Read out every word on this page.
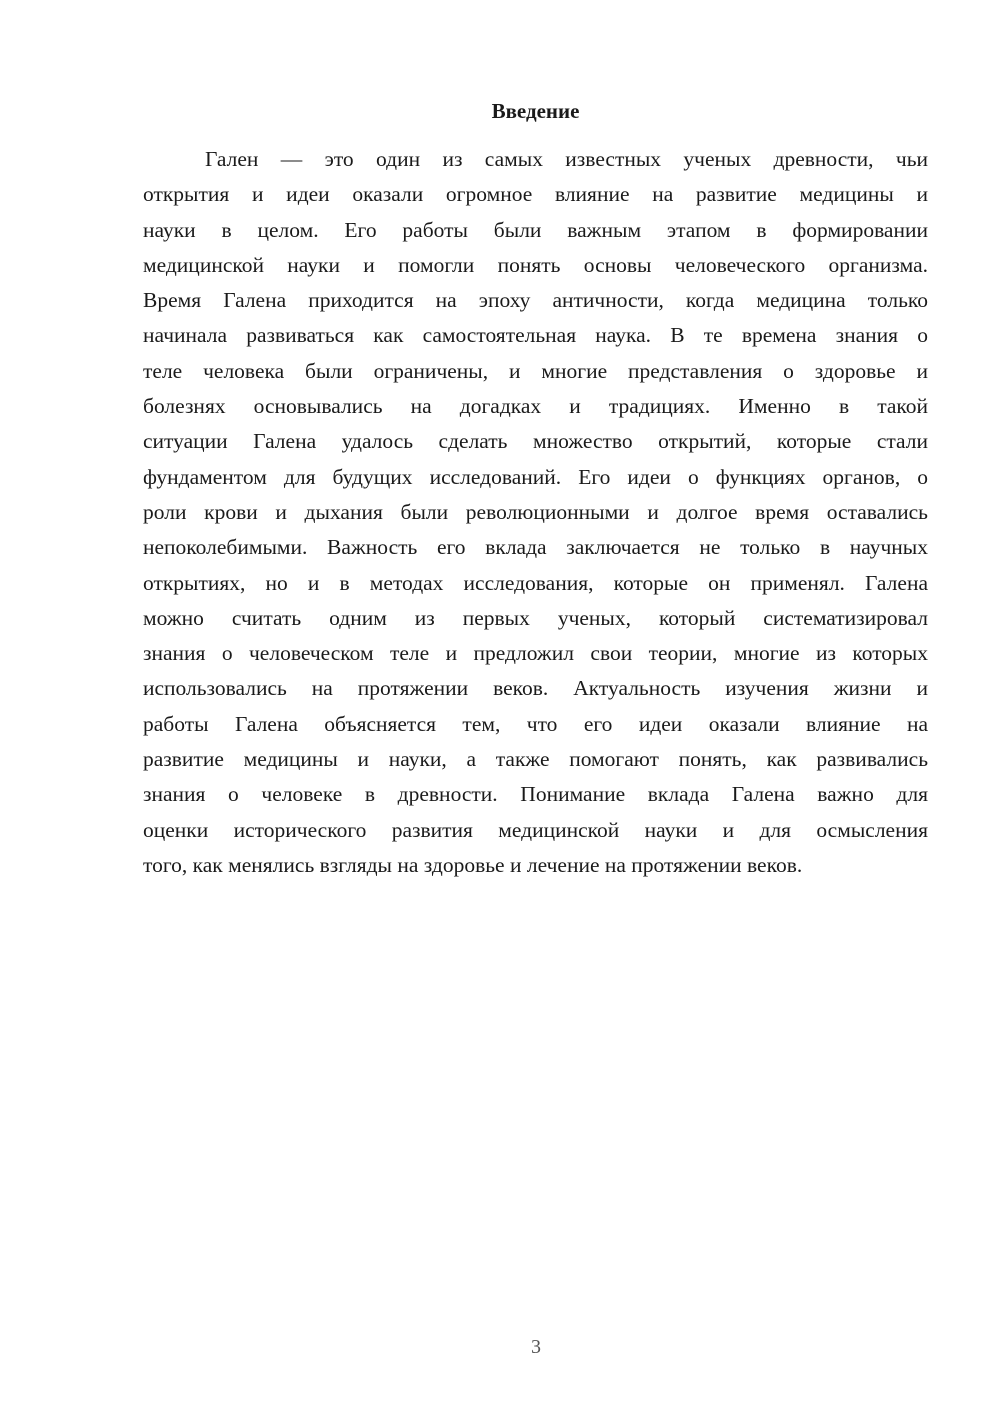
Введение
Гален — это один из самых известных ученых древности, чьи
открытия и идеи оказали огромное влияние на развитие медицины и
науки в целом. Его работы были важным этапом в формировании
медицинской науки и помогли понять основы человеческого организма.
Время Галена приходится на эпоху античности, когда медицина только
начинала развиваться как самостоятельная наука. В те времена знания о
теле человека были ограничены, и многие представления о здоровье и
болезнях основывались на догадках и традициях. Именно в такой
ситуации Галена удалось сделать множество открытий, которые стали
фундаментом для будущих исследований. Его идеи о функциях органов, о
роли крови и дыхания были революционными и долгое время оставались
непоколебимыми. Важность его вклада заключается не только в научных
открытиях, но и в методах исследования, которые он применял. Галена
можно считать одним из первых ученых, который систематизировал
знания о человеческом теле и предложил свои теории, многие из которых
использовались на протяжении веков. Актуальность изучения жизни и
работы Галена объясняется тем, что его идеи оказали влияние на
развитие медицины и науки, а также помогают понять, как развивались
знания о человеке в древности. Понимание вклада Галена важно для
оценки исторического развития медицинской науки и для осмысления
того, как менялись взгляды на здоровье и лечение на протяжении веков.
3
